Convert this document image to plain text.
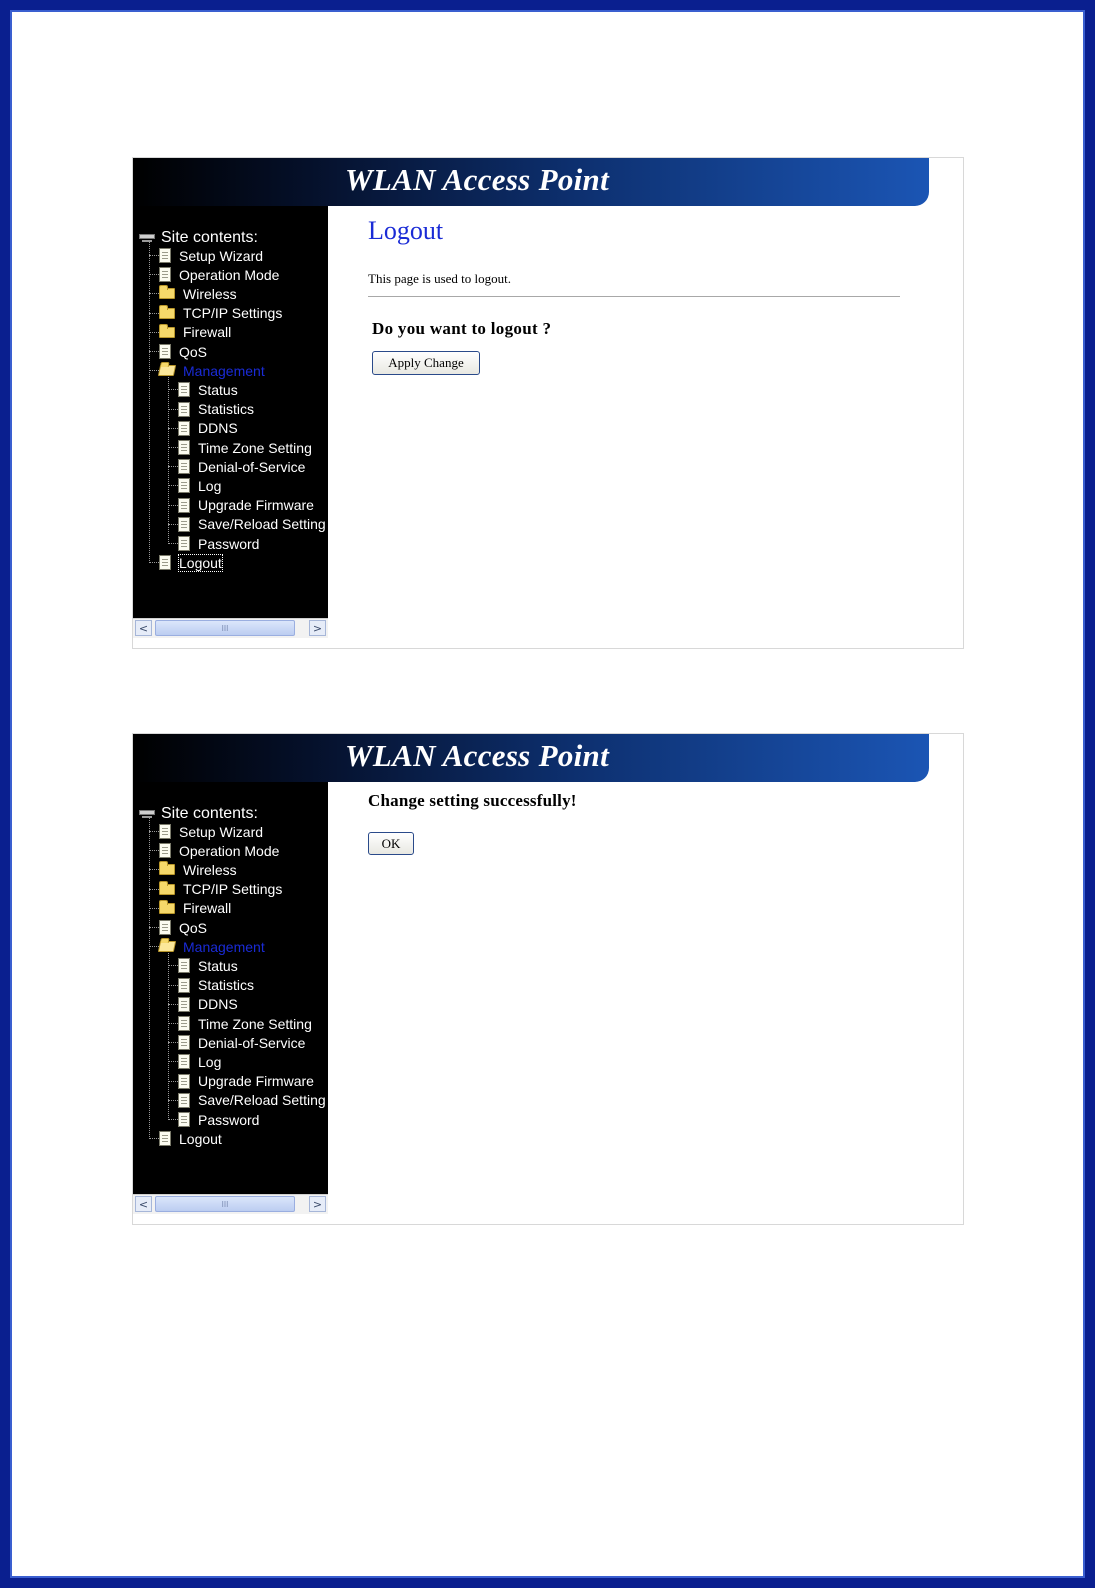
WLAN Access Point
Site contents:
Setup Wizard
Operation Mode
Wireless
TCP/IP Settings
Firewall
QoS
Management
Status
Statistics
DDNS
Time Zone Setting
Denial-of-Service
Log
Upgrade Firmware
Save/Reload Setting
Password
Logout
<	III	>
Logout
This page is used to logout.
Do you want to logout ?
Apply Change
WLAN Access Point
Site contents:
Setup Wizard
Operation Mode
Wireless
TCP/IP Settings
Firewall
QoS
Management
Status
Statistics
DDNS
Time Zone Setting
Denial-of-Service
Log
Upgrade Firmware
Save/Reload Setting
Password
Logout
<	III	>
Change setting successfully!
OK
